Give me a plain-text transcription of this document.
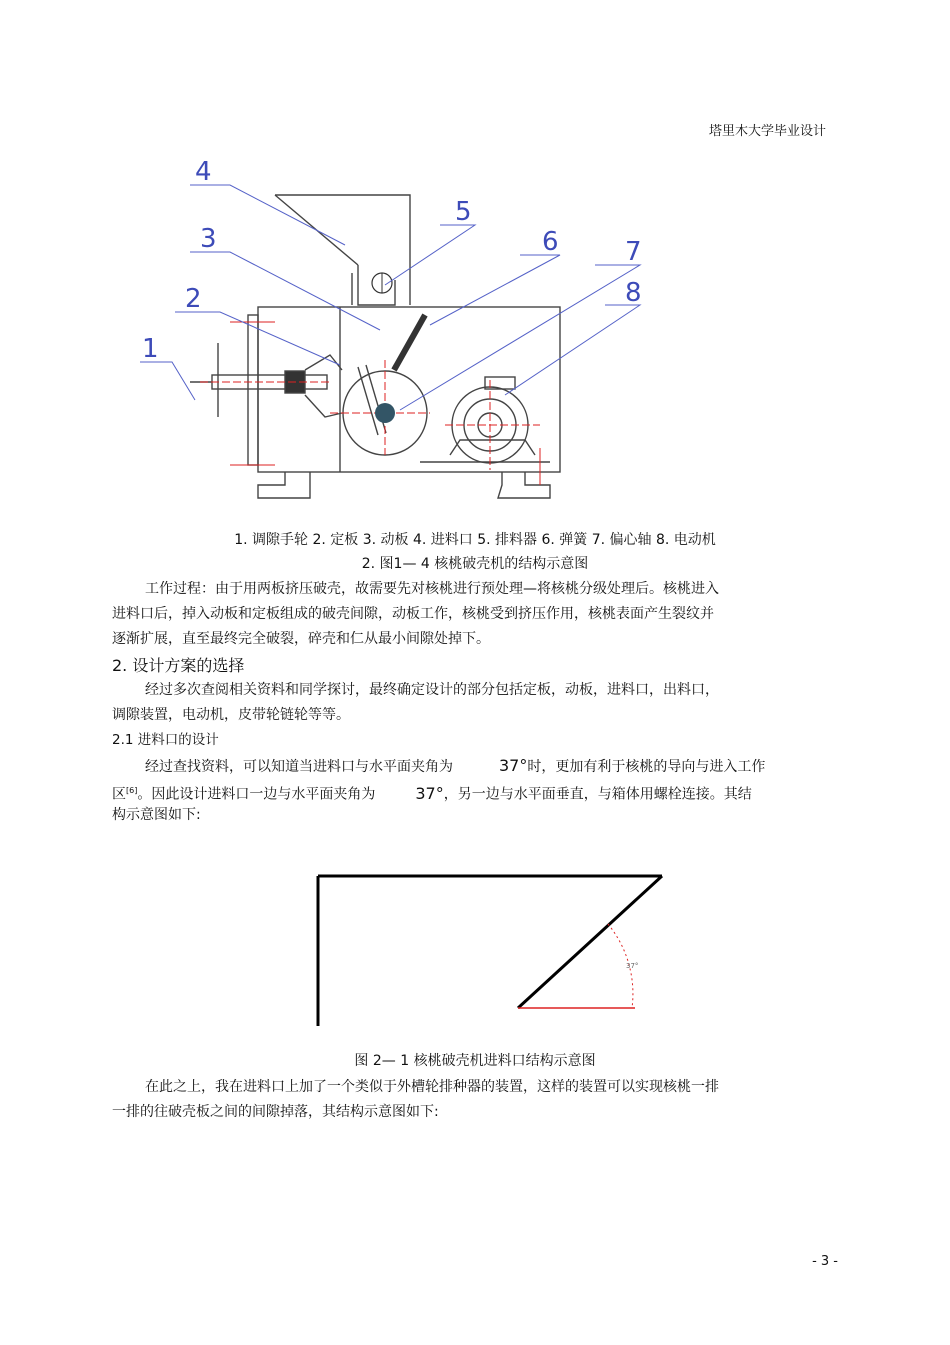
塔里木大学毕业设计
4
3
2
1
5
6	7
8
1. 调隙手轮 2. 定板 3. 动板 4. 进料口 5. 排料器 6. 弹簧 7. 偏心轴 8. 电动机
2. 图1— 4 核桃破壳机的结构示意图
工作过程：由于用两板挤压破壳，故需要先对核桃进行预处理—将核桃分级处理后。核桃进入
进料口后，掉入动板和定板组成的破壳间隙，动板工作，核桃受到挤压作用，核桃表面产生裂纹并
逐渐扩展，直至最终完全破裂，碎壳和仁从最小间隙处掉下。
2. 设计方案的选择
经过多次查阅相关资料和同学探讨，最终确定设计的部分包括定板，动板，进料口，出料口，
调隙装置，电动机，皮带轮链轮等等。
2.1 进料口的设计
经过查找资料，可以知道当进料口与水平面夹角为	37°时，更加有利于核桃的导向与进入工作
区[6]。因此设计进料口一边与水平面夹角为	37°，另一边与水平面垂直，与箱体用螺栓连接。其结
构示意图如下:
37°
图 2— 1 核桃破壳机进料口结构示意图
在此之上，我在进料口上加了一个类似于外槽轮排种器的装置，这样的装置可以实现核桃一排
一排的往破壳板之间的间隙掉落，其结构示意图如下:
- 3 -
